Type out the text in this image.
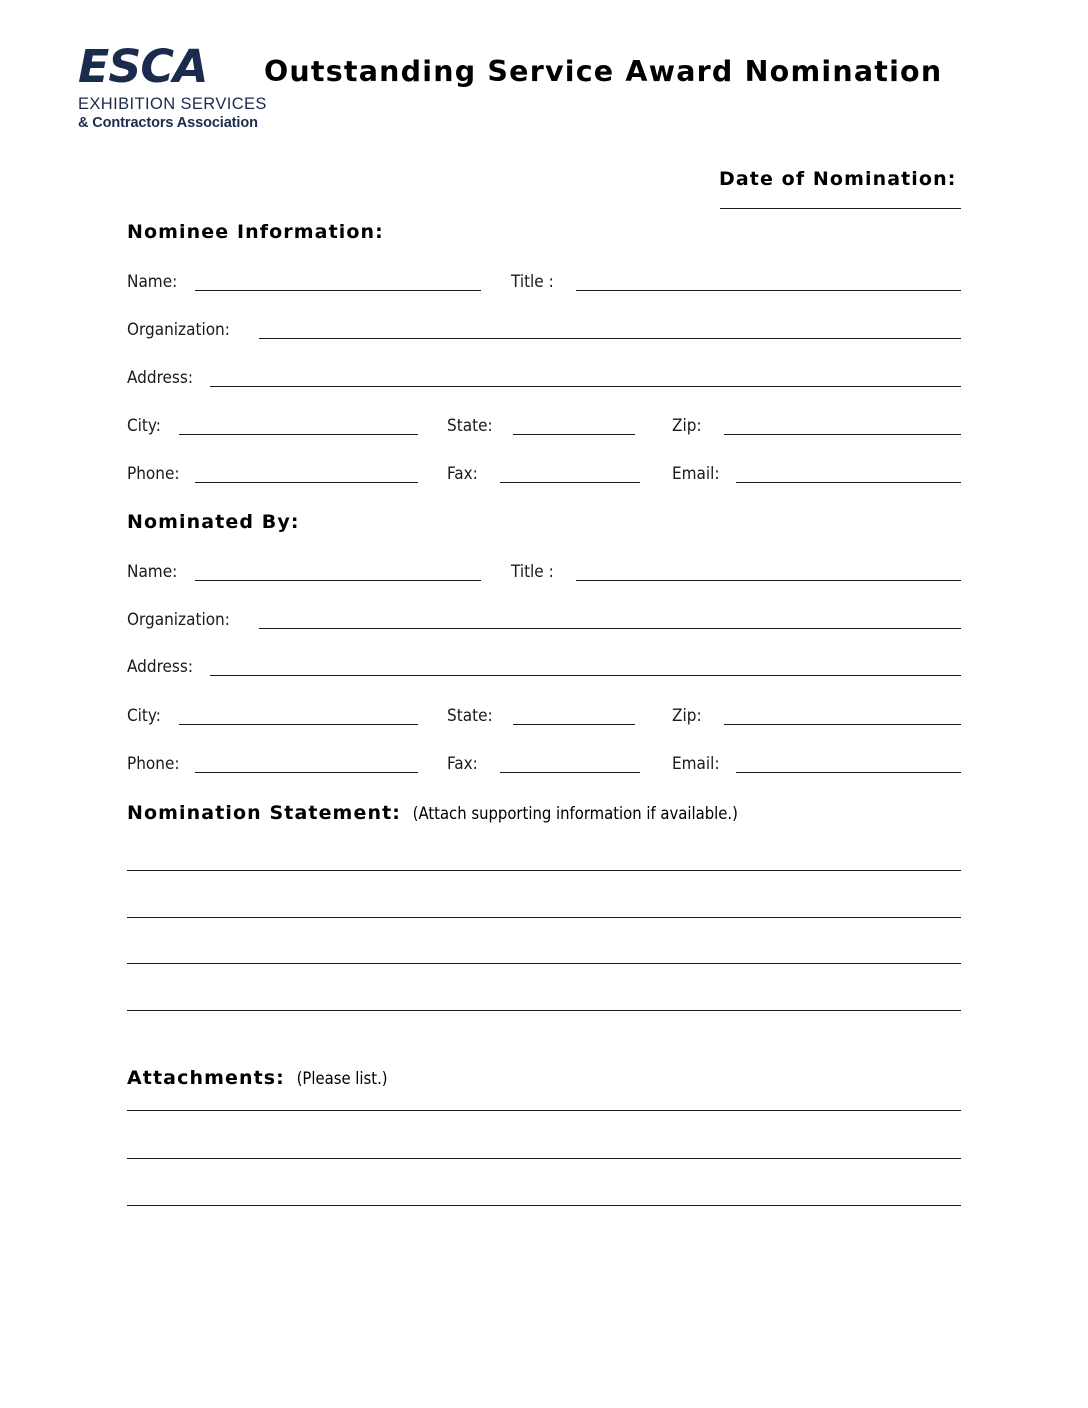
ESCA
EXHIBITION SERVICES
& Contractors Association
Outstanding Service Award Nomination
Date of Nomination:
Nominee Information:
Name:	Title :
Organization:
Address:
City:	State:	Zip:
Phone:	Fax:	Email:
Nominated By:
Name:	Title :
Organization:
Address:
City:	State:	Zip:
Phone:	Fax:	Email:
Nomination Statement: (Attach supporting information if available.)
Attachments: (Please list.)
